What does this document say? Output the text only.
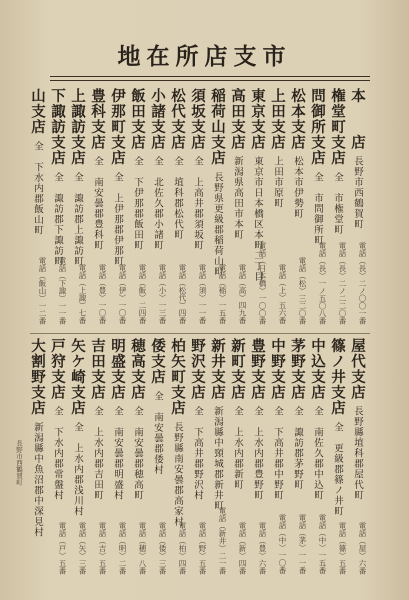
地在所店支市
本　　店長野市西鶴賀町
電話（長）二ノ〇〇一番
権堂町支店全　市権堂町
電話（長）二ノ二二〇番
問御所支店全　市問御所町
電話（長）一ノ五〇八番
松本支店松本市伊勢町
電話（松）三二〇番
上田支店上田市原町
電話（上）五六番
東京支店東京市日本橋区本町二丁目
電話（日本橋）一〇〇番
高田支店新潟県高田市本町
電話（高）四九番
稲荷山支店長野県更級郡稲荷山町
電話（稲）一五番
須坂支店全　上高井郡須坂町
電話（須）一一番
松代支店全　埴科郡松代町
電話（松代）四番
小諸支店全　北佐久郡小諸町
電話（小）一三番
飯田支店全　下伊那郡飯田町
電話（飯）二四番
伊那町支店全　上伊那郡伊那町
電話（伊）一〇番
豊科支店全　南安曇郡豊科町
電話（豊）一〇番
上諏訪支店全　諏訪郡上諏訪町
電話（上諏）七番
下諏訪支店全　諏訪郡下諏訪町
電話（下諏）一一番
山支店全　下水内郡飯山町
電話（飯山）一二番
屋代支店長野縣埴科郡屋代町
電話（屋）六番
篠ノ井支店全　更級郡篠ノ井町
電話（篠）五番
中込支店全　南佐久郡中込町
電話（中）一五番
茅野支店全　諏訪郡茅野町
電話（茅）一一番
中野支店全　下高井郡中野町
電話（中）一〇番
豊野支店全　上水内郡豊野町
電話（豊）六番
新町支店全　上水内郡新町
電話（新）四番
新井支店新潟縣中頸城郡新井町
電話（新井）二一番
野沢支店全　下高井郡野沢村
電話（野）五番
柏矢町支店長野縣南安曇郡高家村
電話（柏）四番
倭支店全　南安曇郡倭村
電話（倭）三番
穂高支店全　南安曇郡穂高町
電話（穂）八番
明盛支店全　南安曇郡明盛村
電話（明）二番
吉田支店全　上水内郡吉田町
電話（吉）五番
矢ケ崎支店全　上水内郡浅川村
電話（矢）三番
戸狩支店全　下水内郡常盤村
電話（戸）五番
大割野支店新潟縣中魚沼郡中深見村
長野市西鶴賀町
